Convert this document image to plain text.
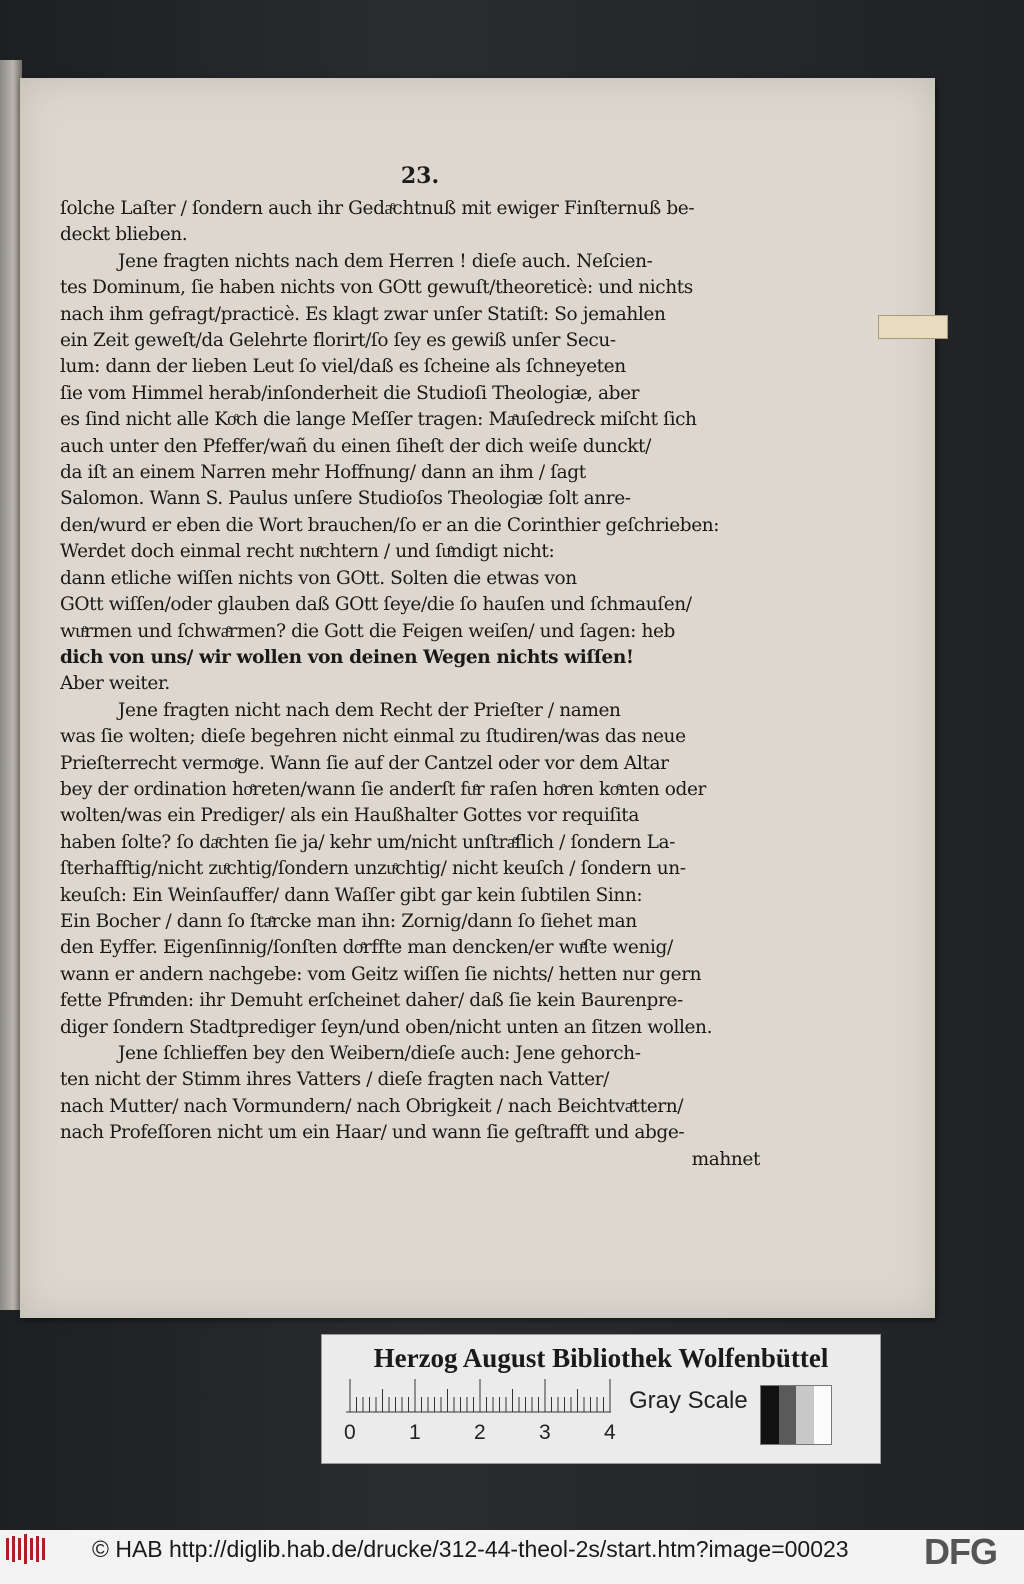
23.
ſolche Laſter / ſondern auch ihr Gedaͤchtnuß mit ewiger Finſternuß be-
deckt blieben.
Jene fragten nichts nach dem Herren ! dieſe auch. Neſcien-
tes Dominum, ſie haben nichts von GOtt gewuſt/theoreticè: und nichts
nach ihm gefragt/practicè. Es klagt zwar unſer Statiſt: So jemahlen
ein Zeit geweſt/da Gelehrte florirt/ſo ſey es gewiß unſer Secu-
lum: dann der lieben Leut ſo viel/daß es ſcheine als ſchneyeten
ſie vom Himmel herab/inſonderheit die Studioſi Theologiæ, aber
es ſind nicht alle Koͤch die lange Meſſer tragen: Maͤuſedreck miſcht ſich
auch unter den Pfeffer/wañ du einen ſiheſt der dich weiſe dunckt/
da iſt an einem Narren mehr Hoffnung/ dann an ihm / ſagt
Salomon. Wann S. Paulus unſere Studioſos Theologiæ ſolt anre-
den/wurd er eben die Wort brauchen/ſo er an die Corinthier geſchrieben:
Werdet doch einmal recht nuͤchtern / und ſuͤndigt nicht:
dann etliche wiſſen nichts von GOtt. Solten die etwas von
GOtt wiſſen/oder glauben daß GOtt ſeye/die ſo hauſen und ſchmauſen/
wuͤrmen und ſchwaͤrmen? die Gott die Feigen weiſen/ und ſagen: heb
dich von uns/ wir wollen von deinen Wegen nichts wiſſen!
Aber weiter.
Jene fragten nicht nach dem Recht der Prieſter / namen
was ſie wolten; dieſe begehren nicht einmal zu ſtudiren/was das neue
Prieſterrecht vermoͤge. Wann ſie auf der Cantzel oder vor dem Altar
bey der ordination hoͤreten/wann ſie anderſt fuͤr raſen hoͤren koͤnten oder
wolten/was ein Prediger/ als ein Haußhalter Gottes vor requiſita
haben ſolte? ſo daͤchten ſie ja/ kehr um/nicht unſtraͤflich / ſondern La-
ſterhafftig/nicht zuͤchtig/ſondern unzuͤchtig/ nicht keuſch / ſondern un-
keuſch: Ein Weinſauffer/ dann Waſſer gibt gar kein ſubtilen Sinn:
Ein Bocher / dann ſo ſtaͤrcke man ihn: Zornig/dann ſo ſiehet man
den Eyffer. Eigenſinnig/ſonſten doͤrffte man dencken/er wuͤſte wenig/
wann er andern nachgebe: vom Geitz wiſſen ſie nichts/ hetten nur gern
fette Pfruͤnden: ihr Demuht erſcheinet daher/ daß ſie kein Baurenpre-
diger ſondern Stadtprediger ſeyn/und oben/nicht unten an ſitzen wollen.
Jene ſchlieffen bey den Weibern/dieſe auch: Jene gehorch-
ten nicht der Stimm ihres Vatters / dieſe fragten nach Vatter/
nach Mutter/ nach Vormundern/ nach Obrigkeit / nach Beichtvaͤttern/
nach Profeſſoren nicht um ein Haar/ und wann ſie geſtrafft und abge-
mahnet
Herzog August Bibliothek Wolfenbüttel
0	1	2	3	4
Gray Scale
© HAB http://diglib.hab.de/drucke/312-44-theol-2s/start.htm?image=00023 DFG
